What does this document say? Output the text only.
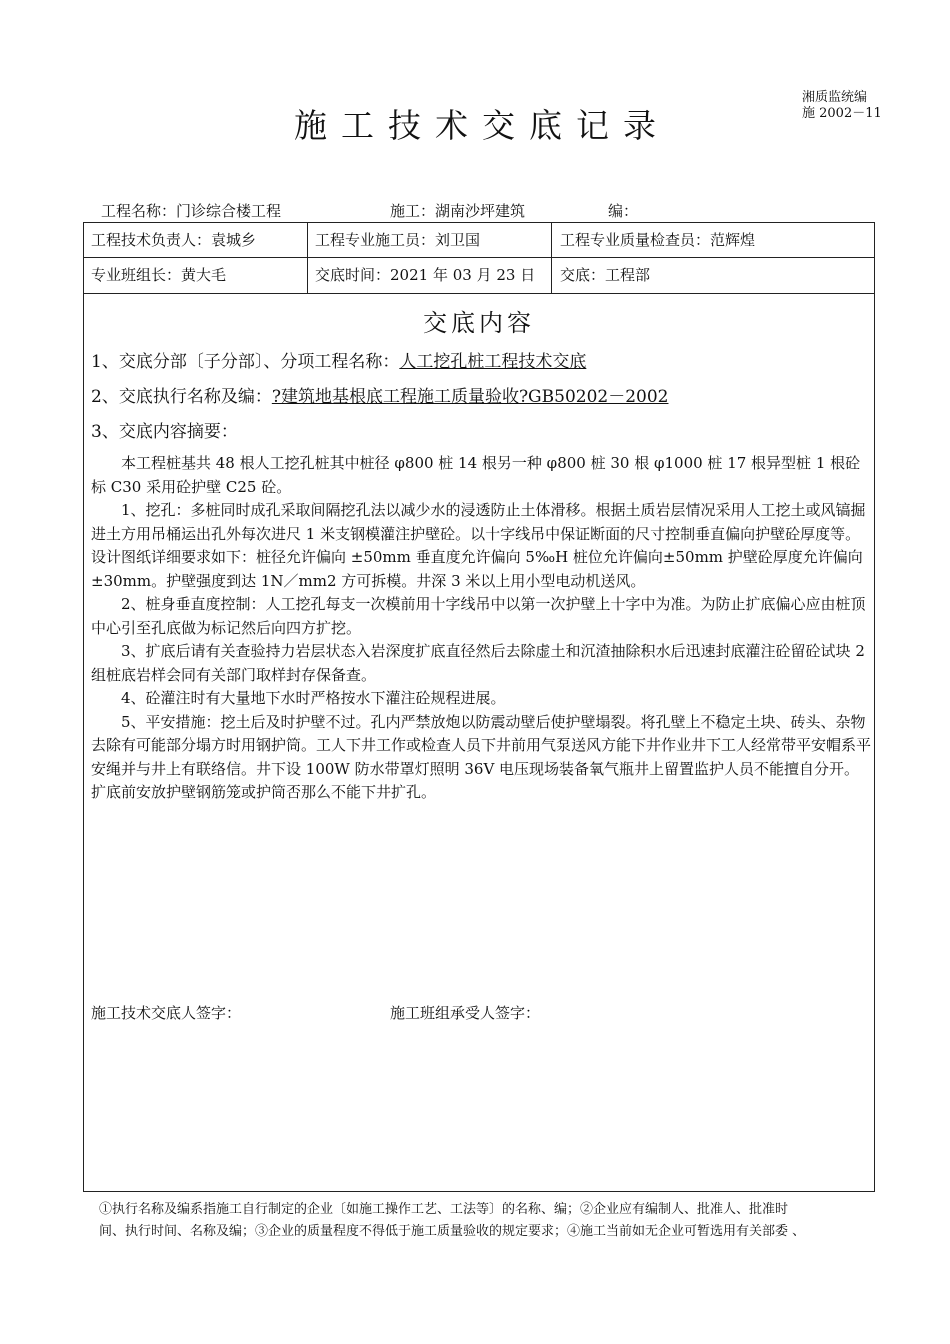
湘质监统编
施 2002－11
施工技术交底记录
工程名称：门诊综合楼工程	施工：湖南沙坪建筑	编：
工程技术负责人：袁城乡	工程专业施工员：刘卫国	工程专业质量检查员：范辉煌
专业班组长：黄大毛	交底时间：2021 年 03 月 23 日 交底：工程部
交底内容
1、交底分部〔子分部〕、分项工程名称：人工挖孔桩工程技术交底
2、交底执行名称及编：?建筑地基根底工程施工质量验收?GB50202－2002
3、交底内容摘要：

本工程桩基共 48 根人工挖孔桩其中桩径 φ800 桩 14 根另一种 φ800 桩 30 根 φ1000 桩 17 根异型桩 1 根砼标 C30 采用砼护壁 C25 砼。

1、挖孔：多桩同时成孔采取间隔挖孔法以减少水的浸透防止土体滑移。根据土质岩层情况采用人工挖土或风镐掘进土方用吊桶运出孔外每次进尺 1 米支钢模灌注护壁砼。以十字线吊中保证断面的尺寸控制垂直偏向护壁砼厚度等。设计图纸详细要求如下：桩径允许偏向 ±50mm 垂直度允许偏向 5‰H 桩位允许偏向±50mm 护壁砼厚度允许偏向±30mm。护壁强度到达 1N／mm2 方可拆模。井深 3 米以上用小型电动机送风。

2、桩身垂直度控制：人工挖孔每支一次模前用十字线吊中以第一次护壁上十字中为准。为防止扩底偏心应由桩顶中心引至孔底做为标记然后向四方扩挖。

3、扩底后请有关查验持力岩层状态入岩深度扩底直径然后去除虚土和沉渣抽除积水后迅速封底灌注砼留砼试块 2 组桩底岩样会同有关部门取样封存保备查。

4、砼灌注时有大量地下水时严格按水下灌注砼规程进展。

5、平安措施：挖土后及时护壁不过。孔内严禁放炮以防震动壁后使护壁塌裂。将孔壁上不稳定土块、砖头、杂物去除有可能部分塌方时用钢护筒。工人下井工作或检查人员下井前用气泵送风方能下井作业井下工人经常带平安帽系平安绳并与井上有联络信。井下设 100W 防水带罩灯照明 36V 电压现场装备氧气瓶井上留置监护人员不能擅自分开。扩底前安放护壁钢筋笼或护筒否那么不能下井扩孔。

施工技术交底人签字：	施工班组承受人签字：
①执行名称及编系指施工自行制定的企业〔如施工操作工艺、工法等〕的名称、编；②企业应有编制人、批准人、批准时
间、执行时间、名称及编；③企业的质量程度不得低于施工质量验收的规定要求；④施工当前如无企业可暂选用有关部委 、
